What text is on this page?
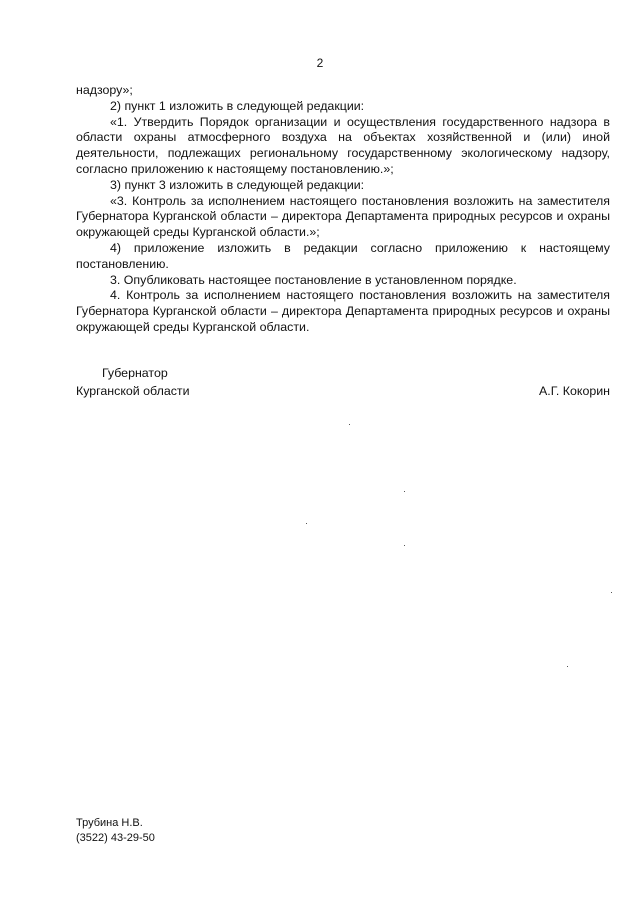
2

надзору»;

2) пункт 1 изложить в следующей редакции:

«1. Утвердить Порядок организации и осуществления государственного надзора в области охраны атмосферного воздуха на объектах хозяйственной и (или) иной деятельности, подлежащих региональному государственному экологическому надзору, согласно приложению к настоящему постановлению.»;

3) пункт 3 изложить в следующей редакции:

«3. Контроль за исполнением настоящего постановления возложить на заместителя Губернатора Курганской области – директора Департамента природных ресурсов и охраны окружающей среды Курганской области.»;

4) приложение изложить в редакции согласно приложению к настоящему постановлению.

3. Опубликовать настоящее постановление в установленном порядке.

4. Контроль за исполнением настоящего постановления возложить на заместителя Губернатора Курганской области – директора Департамента природных ресурсов и охраны окружающей среды Курганской области.

Губернатор
Курганской области	А.Г. Кокорин
Трубина Н.В.
(3522) 43-29-50
